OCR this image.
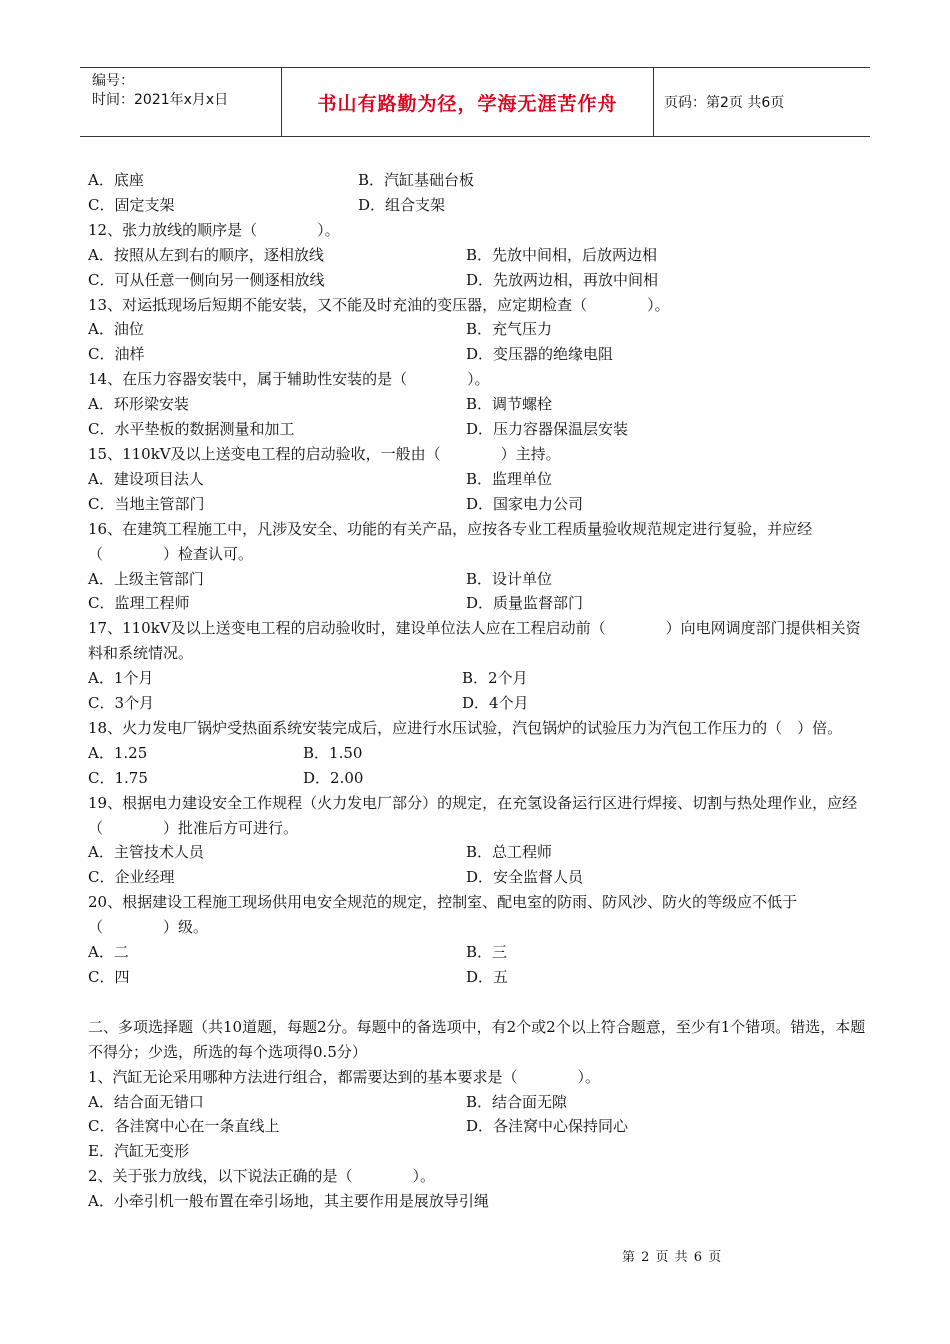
编号：
时间：2021年x月x日	书山有路勤为径，学海无涯苦作舟	页码：第2页 共6页
A．底座	B．汽缸基础台板
C．固定支架	D．组合支架
12、张力放线的顺序是（　　　　）。
A．按照从左到右的顺序，逐相放线	B．先放中间相，后放两边相
C．可从任意一侧向另一侧逐相放线	D．先放两边相，再放中间相
13、对运抵现场后短期不能安装，又不能及时充油的变压器，应定期检查（　　　　）。
A．油位	B．充气压力
C．油样	D．变压器的绝缘电阻
14、在压力容器安装中，属于辅助性安装的是（　　　　）。
A．环形梁安装	B．调节螺栓
C．水平垫板的数据测量和加工	D．压力容器保温层安装
15、110kV及以上送变电工程的启动验收，一般由（　　　　）主持。
A．建设项目法人	B．监理单位
C．当地主管部门	D．国家电力公司
16、在建筑工程施工中，凡涉及安全、功能的有关产品，应按各专业工程质量验收规范规定进行复验，并应经（　　　　）检查认可。
A．上级主管部门	B．设计单位
C．监理工程师	D．质量监督部门
17、110kV及以上送变电工程的启动验收时，建设单位法人应在工程启动前（　　　　）向电网调度部门提供相关资料和系统情况。
A．1个月	B．2个月
C．3个月	D．4个月
18、火力发电厂锅炉受热面系统安装完成后，应进行水压试验，汽包锅炉的试验压力为汽包工作压力的（　）倍。
A．1.25	B．1.50
C．1.75	D．2.00
19、根据电力建设安全工作规程（火力发电厂部分）的规定，在充氢设备运行区进行焊接、切割与热处理作业，应经（　　　　）批准后方可进行。
A．主管技术人员	B．总工程师
C．企业经理	D．安全监督人员
20、根据建设工程施工现场供用电安全规范的规定，控制室、配电室的防雨、防风沙、防火的等级应不低于（　　　　）级。
A．二	B．三
C．四	D．五
二、多项选择题（共10道题，每题2分。每题中的备选项中，有2个或2个以上符合题意，至少有1个错项。错选，本题不得分；少选，所选的每个选项得0.5分）
1、汽缸无论采用哪种方法进行组合，都需要达到的基本要求是（　　　　）。
A．结合面无错口	B．结合面无隙
C．各洼窝中心在一条直线上	D．各洼窝中心保持同心
E．汽缸无变形
2、关于张力放线，以下说法正确的是（　　　　）。
A．小牵引机一般布置在牵引场地，其主要作用是展放导引绳
第 2 页 共 6 页
